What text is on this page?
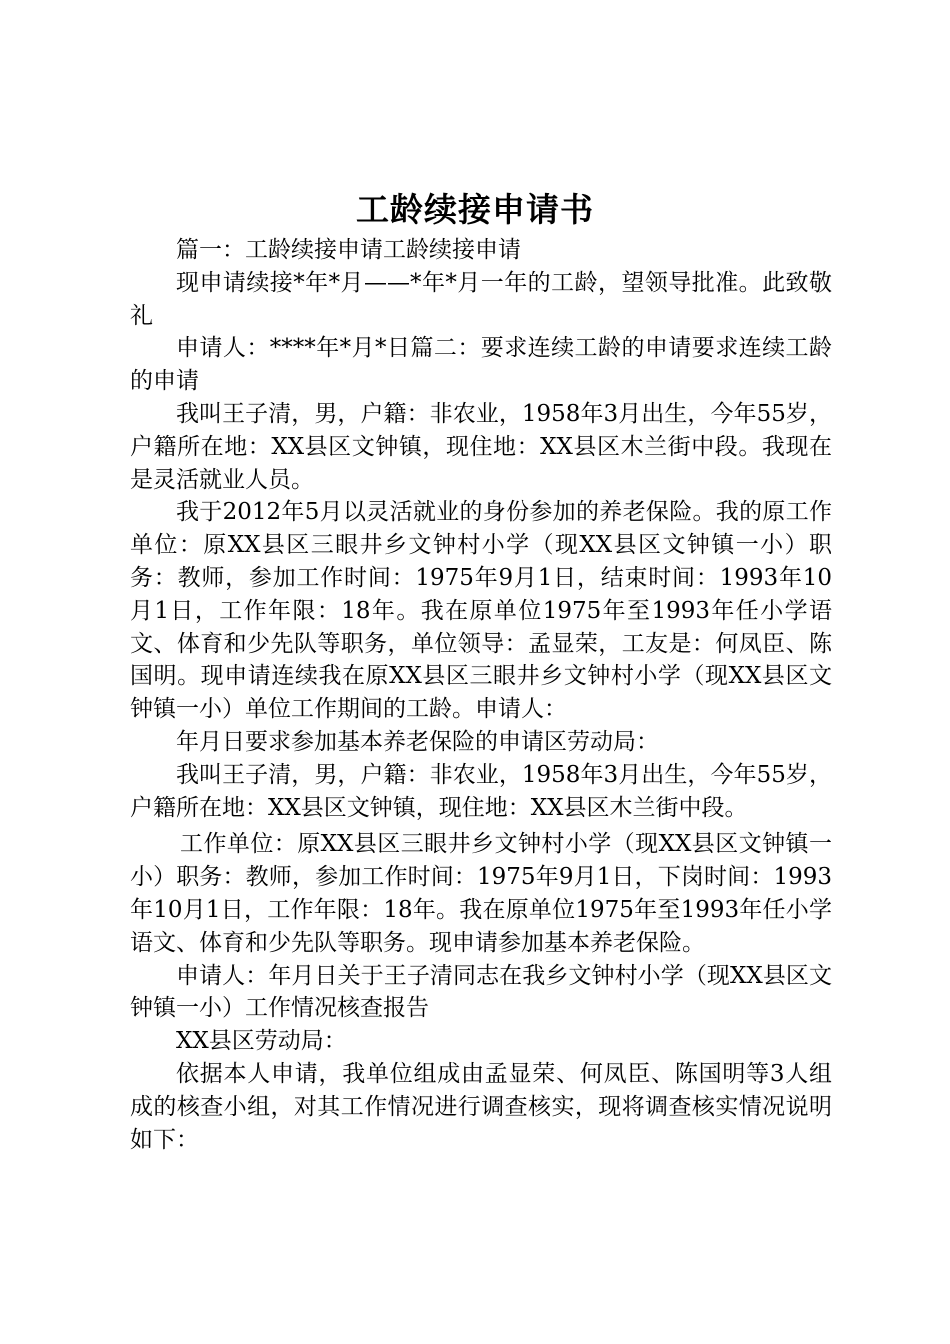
工龄续接申请书

篇一：工龄续接申请工龄续接申请

现申请续接*年*月——*年*月一年的工龄，望领导批准。此致敬礼

申请人：****年*月*日篇二：要求连续工龄的申请要求连续工龄的申请

我叫王子清，男，户籍：非农业，1958年3月出生，今年55岁，户籍所在地：XX县区文钟镇，现住地：XX县区木兰街中段。我现在是灵活就业人员。

我于2012年5月以灵活就业的身份参加的养老保险。我的原工作单位：原XX县区三眼井乡文钟村小学（现XX县区文钟镇一小）职务：教师，参加工作时间：1975年9月1日，结束时间：1993年10月1日，工作年限：18年。我在原单位1975年至1993年任小学语文、体育和少先队等职务，单位领导：孟显荣，工友是：何凤臣、陈国明。现申请连续我在原XX县区三眼井乡文钟村小学（现XX县区文钟镇一小）单位工作期间的工龄。申请人：

年月日要求参加基本养老保险的申请区劳动局：

我叫王子清，男，户籍：非农业，1958年3月出生，今年55岁，户籍所在地：XX县区文钟镇，现住地：XX县区木兰街中段。

工作单位：原XX县区三眼井乡文钟村小学（现XX县区文钟镇一小）职务：教师，参加工作时间：1975年9月1日，下岗时间：1993年10月1日，工作年限：18年。我在原单位1975年至1993年任小学语文、体育和少先队等职务。现申请参加基本养老保险。

申请人：年月日关于王子清同志在我乡文钟村小学（现XX县区文钟镇一小）工作情况核查报告

XX县区劳动局：

依据本人申请，我单位组成由孟显荣、何凤臣、陈国明等3人组成的核查小组，对其工作情况进行调查核实，现将调查核实情况说明如下：
